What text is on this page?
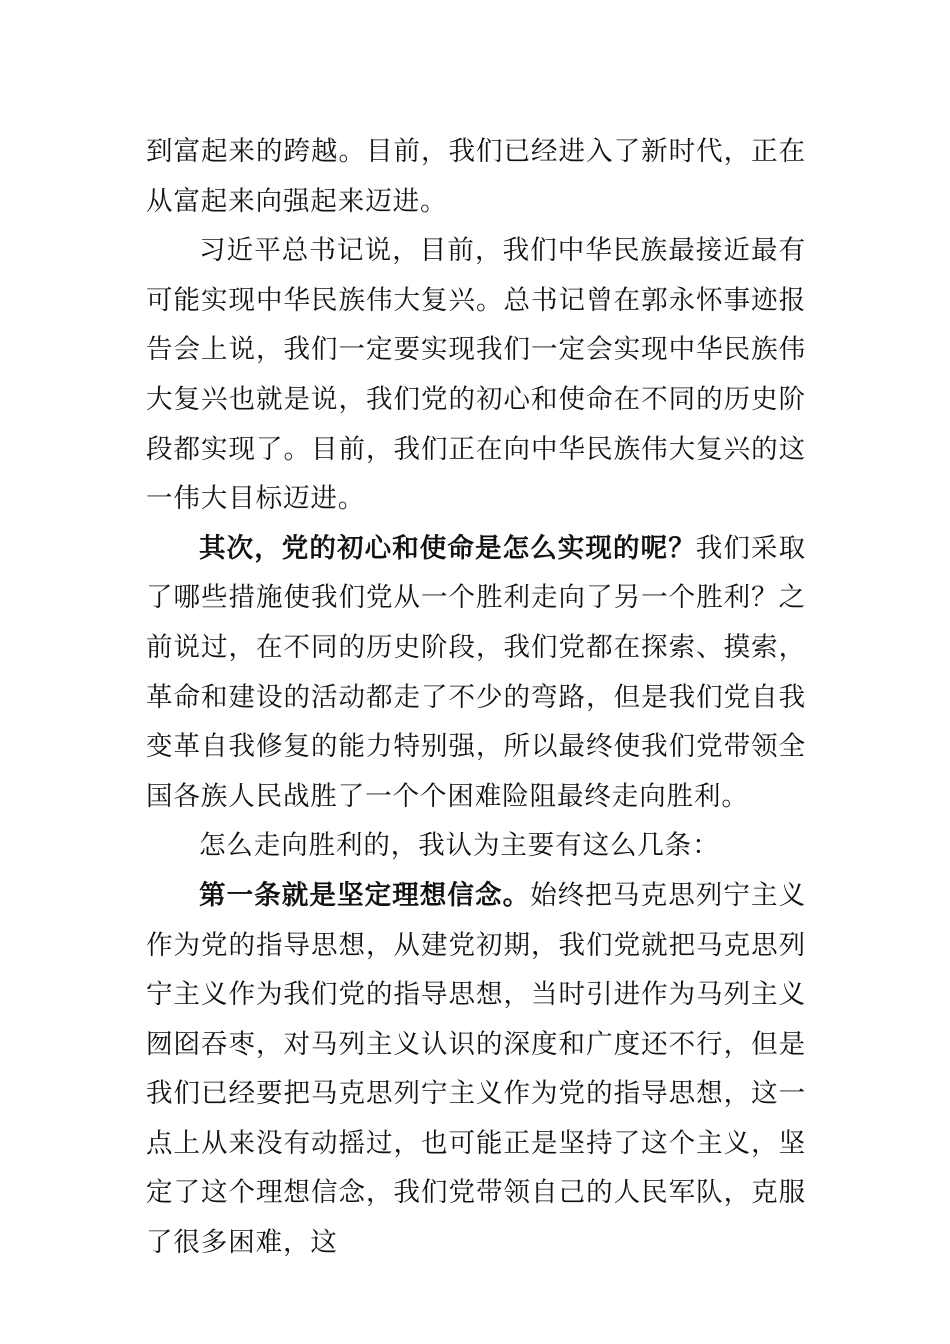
到富起来的跨越。目前，我们已经进入了新时代，正在从富起来向强起来迈进。

习近平总书记说，目前，我们中华民族最接近最有可能实现中华民族伟大复兴。总书记曾在郭永怀事迹报告会上说，我们一定要实现我们一定会实现中华民族伟大复兴也就是说，我们党的初心和使命在不同的历史阶段都实现了。目前，我们正在向中华民族伟大复兴的这一伟大目标迈进。

其次，党的初心和使命是怎么实现的呢？我们采取了哪些措施使我们党从一个胜利走向了另一个胜利？之前说过，在不同的历史阶段，我们党都在探索、摸索，革命和建设的活动都走了不少的弯路，但是我们党自我变革自我修复的能力特别强，所以最终使我们党带领全国各族人民战胜了一个个困难险阻最终走向胜利。

怎么走向胜利的，我认为主要有这么几条：

第一条就是坚定理想信念。始终把马克思列宁主义作为党的指导思想，从建党初期，我们党就把马克思列宁主义作为我们党的指导思想，当时引进作为马列主义囫囵吞枣，对马列主义认识的深度和广度还不行，但是我们已经要把马克思列宁主义作为党的指导思想，这一点上从来没有动摇过，也可能正是坚持了这个主义，坚定了这个理想信念，我们党带领自己的人民军队，克服了很多困难，这
